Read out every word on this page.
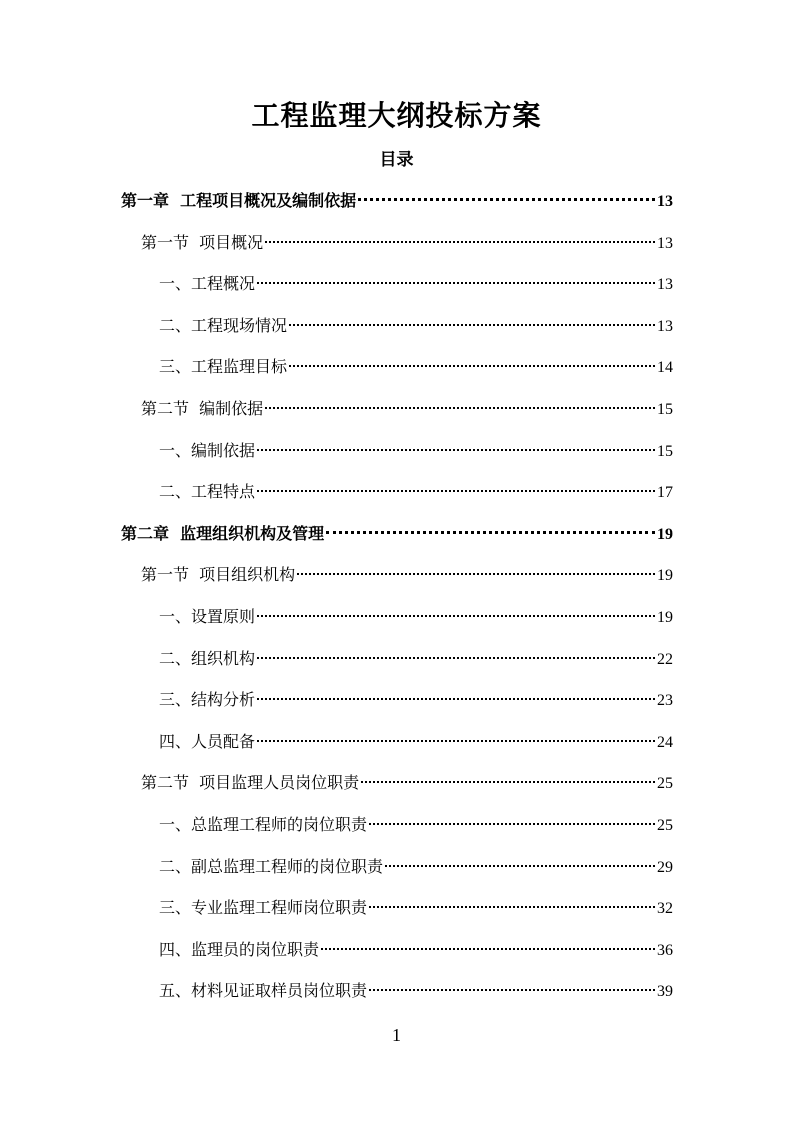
工程监理大纲投标方案
目录
第一章  工程项目概况及编制依据	13
第一节  项目概况	13
一、工程概况	13
二、工程现场情况	13
三、工程监理目标	14
第二节  编制依据	15
一、编制依据	15
二、工程特点	17
第二章  监理组织机构及管理	19
第一节  项目组织机构	19
一、设置原则	19
二、组织机构	22
三、结构分析	23
四、人员配备	24
第二节  项目监理人员岗位职责	25
一、总监理工程师的岗位职责	25
二、副总监理工程师的岗位职责	29
三、专业监理工程师岗位职责	32
四、监理员的岗位职责	36
五、材料见证取样员岗位职责	39

1
